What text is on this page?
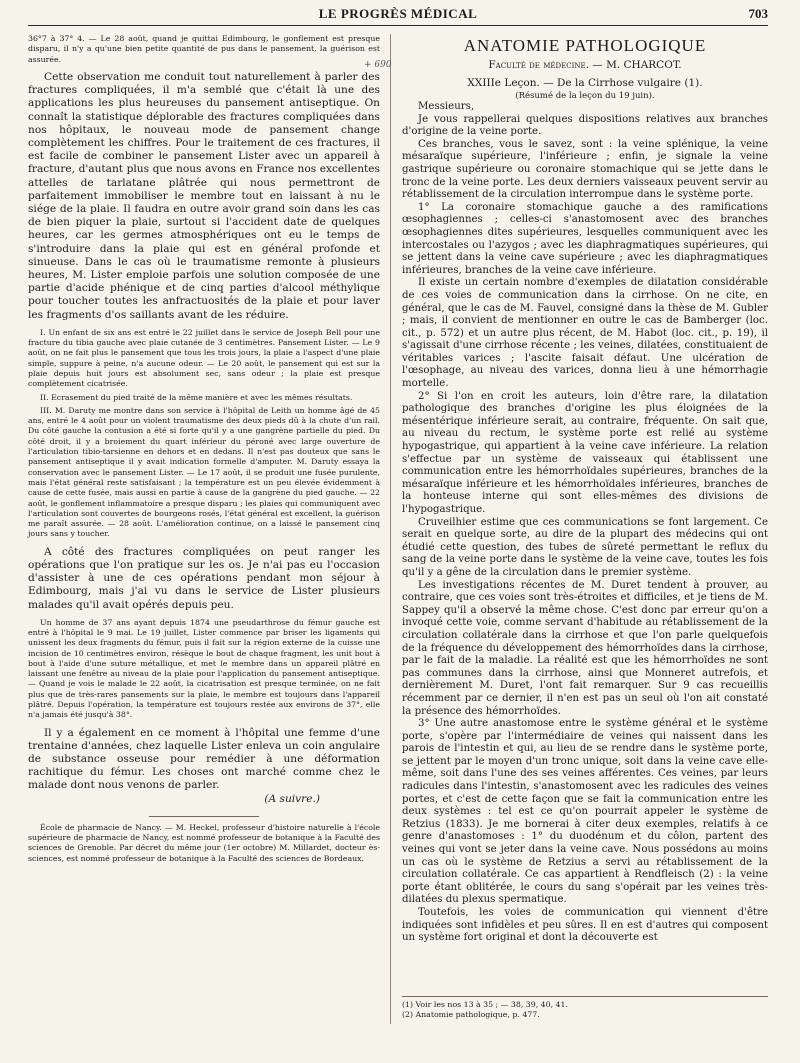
LE PROGRÈS MÉDICAL	703
+ 690

36°7 à 37° 4. — Le 28 août, quand je quittai Edimbourg, le gonflement est presque disparu, il n'y a qu'une bien petite quantité de pus dans le pansement, la guérison est assurée.

Cette observation me conduit tout naturellement à parler des fractures compliquées, il m'a semblé que c'était là une des applications les plus heureuses du pansement antiseptique. On connaît la statistique déplorable des fractures compliquées dans nos hôpitaux, le nouveau mode de pansement change complètement les chiffres. Pour le traitement de ces fractures, il est facile de combiner le pansement Lister avec un appareil à fracture, d'autant plus que nous avons en France nos excellentes attelles de tarlatane plâtrée qui nous permettront de parfaitement immobiliser le membre tout en laissant à nu le siége de la plaie. Il faudra en outre avoir grand soin dans les cas de bien piquer la plaie, surtout si l'accident date de quelques heures, car les germes atmosphériques ont eu le temps de s'introduire dans la plaie qui est en général profonde et sinueuse. Dans le cas où le traumatisme remonte à plusieurs heures, M. Lister emploie parfois une solution composée de une partie d'acide phénique et de cinq parties d'alcool méthylique pour toucher toutes les anfractuosités de la plaie et pour laver les fragments d'os saillants avant de les réduire.

I. Un enfant de six ans est entré le 22 juillet dans le service de Joseph Bell pour une fracture du tibia gauche avec plaie cutanée de 3 centimètres. Pansement Lister. — Le 9 août, on ne fait plus le pansement que tous les trois jours, la plaie a l'aspect d'une plaie simple, suppure à peine, n'a aucune odeur. — Le 20 août, le pansement qui est sur la plaie depuis huit jours est absolument sec, sans odeur ; la plaie est presque complètement cicatrisée.

II. Ecrasement du pied traité de la même manière et avec les mêmes résultats.

III. M. Daruty me montre dans son service à l'hôpital de Leith un homme âgé de 45 ans, entré le 4 août pour un violent traumatisme des deux pieds dû à la chute d'un rail. Du côté gauche la contusion a été si forte qu'il y a une gangrène partielle du pied. Du côté droit, il y a broiement du quart inférieur du péroné avec large ouverture de l'articulation tibio-tarsienne en dehors et en dedans. Il n'est pas douteux que sans le pansement antiseptique il y avait indication formelle d'amputer. M. Daruty essaya la conservation avec le pansement Lister. — Le 17 août, il se produit une fusée purulente, mais l'état général reste satisfaisant ; la température est un peu élevée évidemment à cause de cette fusée, mais aussi en partie à cause de la gangrène du pied gauche. — 22 août, le gonflement inflammatoire a presque disparu ; les plaies qui communiquent avec l'articulation sont couvertes de bourgeons rosés, l'état général est excellent, la guérison me paraît assurée. — 28 août. L'amélioration continue, on a laissé le pansement cinq jours sans y toucher.

A côté des fractures compliquées on peut ranger les opérations que l'on pratique sur les os. Je n'ai pas eu l'occasion d'assister à une de ces opérations pendant mon séjour à Edimbourg, mais j'ai vu dans le service de Lister plusieurs malades qu'il avait opérés depuis peu.

Un homme de 37 ans ayant depuis 1874 une pseudarthrose du fémur gauche est entré à l'hôpital le 9 mai. Le 19 juillet, Lister commence par briser les ligaments qui unissent les deux fragments du fémur, puis il fait sur la région externe de la cuisse une incision de 10 centimètres environ, résèque le bout de chaque fragment, les unit bout à bout à l'aide d'une suture métallique, et met le membre dans un appareil plâtré en laissant une fenêtre au niveau de la plaie pour l'application du pansement antiseptique. — Quand je vois le malade le 22 août, la cicatrisation est presque terminée, on ne fait plus que de très-rares pansements sur la plaie, le membre est toujours dans l'appareil plâtré. Depuis l'opération, la température est toujours restée aux environs de 37°, elle n'a jamais été jusqu'à 38°.

Il y a également en ce moment à l'hôpital une femme d'une trentaine d'années, chez laquelle Lister enleva un coin angulaire de substance osseuse pour remédier à une déformation rachitique du fémur. Les choses ont marché comme chez le malade dont nous venons de parler.

(A suivre.)

École de pharmacie de Nancy. — M. Heckel, professeur d'histoire naturelle à l'école supérieure de pharmacie de Nancy, est nommé professeur de botanique à la Faculté des sciences de Grenoble. Par décret du même jour (1er octobre) M. Millardet, docteur ès-sciences, est nommé professeur de botanique à la Faculté des sciences de Bordeaux.

ANATOMIE PATHOLOGIQUE
Faculté de médecine. — M. CHARCOT.
XXIIIe Leçon. — De la Cirrhose vulgaire (1).
(Résumé de la leçon du 19 juin).

Messieurs,

Je vous rappellerai quelques dispositions relatives aux branches d'origine de la veine porte.

Ces branches, vous le savez, sont : la veine splénique, la veine mésaraïque supérieure, l'inférieure ; enfin, je signale la veine gastrique supérieure ou coronaire stomachique qui se jette dans le tronc de la veine porte. Les deux derniers vaisseaux peuvent servir au rétablissement de la circulation interrompue dans le système porte.

1° La coronaire stomachique gauche a des ramifications œsophagiennes ; celles-ci s'anastomosent avec des branches œsophagiennes dites supérieures, lesquelles communiquent avec les intercostales ou l'azygos ; avec les diaphragmatiques supérieures, qui se jettent dans la veine cave supérieure ; avec les diaphragmatiques inférieures, branches de la veine cave inférieure.

Il existe un certain nombre d'exemples de dilatation considérable de ces voies de communication dans la cirrhose. On ne cite, en général, que le cas de M. Fauvel, consigné dans la thèse de M. Gubler ; mais, il convient de mentionner en outre le cas de Bamberger (loc. cit., p. 572) et un autre plus récent, de M. Habot (loc. cit., p. 19), il s'agissait d'une cirrhose récente ; les veines, dilatées, constituaient de véritables varices ; l'ascite faisait défaut. Une ulcération de l'œsophage, au niveau des varices, donna lieu à une hémorrhagie mortelle.

2° Si l'on en croit les auteurs, loin d'être rare, la dilatation pathologique des branches d'origine les plus éloignées de la mésentérique inférieure serait, au contraire, fréquente. On sait que, au niveau du rectum, le système porte est relié au système hypogastrique, qui appartient à la veine cave inférieure. La relation s'effectue par un système de vaisseaux qui établissent une communication entre les hémorrhoïdales supérieures, branches de la mésaraïque inférieure et les hémorrhoïdales inférieures, branches de la honteuse interne qui sont elles-mêmes des divisions de l'hypogastrique.

Cruveilhier estime que ces communications se font largement. Ce serait en quelque sorte, au dire de la plupart des médecins qui ont étudié cette question, des tubes de sûreté permettant le reflux du sang de la veine porte dans le système de la veine cave, toutes les fois qu'il y a gêne de la circulation dans le premier système.

Les investigations récentes de M. Duret tendent à prouver, au contraire, que ces voies sont très-étroites et difficiles, et je tiens de M. Sappey qu'il a observé la même chose. C'est donc par erreur qu'on a invoqué cette voie, comme servant d'habitude au rétablissement de la circulation collatérale dans la cirrhose et que l'on parle quelquefois de la fréquence du développement des hémorrhoïdes dans la cirrhose, par le fait de la maladie. La réalité est que les hémorrhoïdes ne sont pas communes dans la cirrhose, ainsi que Monneret autrefois, et dernièrement M. Duret, l'ont fait remarquer. Sur 9 cas recueillis récemment par ce dernier, il n'en est pas un seul où l'on ait constaté la présence des hémorrhoïdes.

3° Une autre anastomose entre le système général et le système porte, s'opère par l'intermédiaire de veines qui naissent dans les parois de l'intestin et qui, au lieu de se rendre dans le système porte, se jettent par le moyen d'un tronc unique, soit dans la veine cave elle-même, soit dans l'une des ses veines afférentes. Ces veines, par leurs radicules dans l'intestin, s'anastomosent avec les radicules des veines portes, et c'est de cette façon que se fait la communication entre les deux systèmes : tel est ce qu'on pourrait appeler le système de Retzius (1833). Je me bornerai à citer deux exemples, relatifs à ce genre d'anastomoses : 1° du duodénum et du côlon, partent des veines qui vont se jeter dans la veine cave. Nous possédons au moins un cas où le système de Retzius a servi au rétablissement de la circulation collatérale. Ce cas appartient à Rendfleisch (2) : la veine porte étant oblitérée, le cours du sang s'opérait par les veines très-dilatées du plexus spermatique.

Toutefois, les voies de communication qui viennent d'être indiquées sont infidèles et peu sûres. Il en est d'autres qui composent un système fort original et dont la découverte est

(1) Voir les nos 13 à 35 ; — 38, 39, 40, 41.

(2) Anatomie pathologique, p. 477.
